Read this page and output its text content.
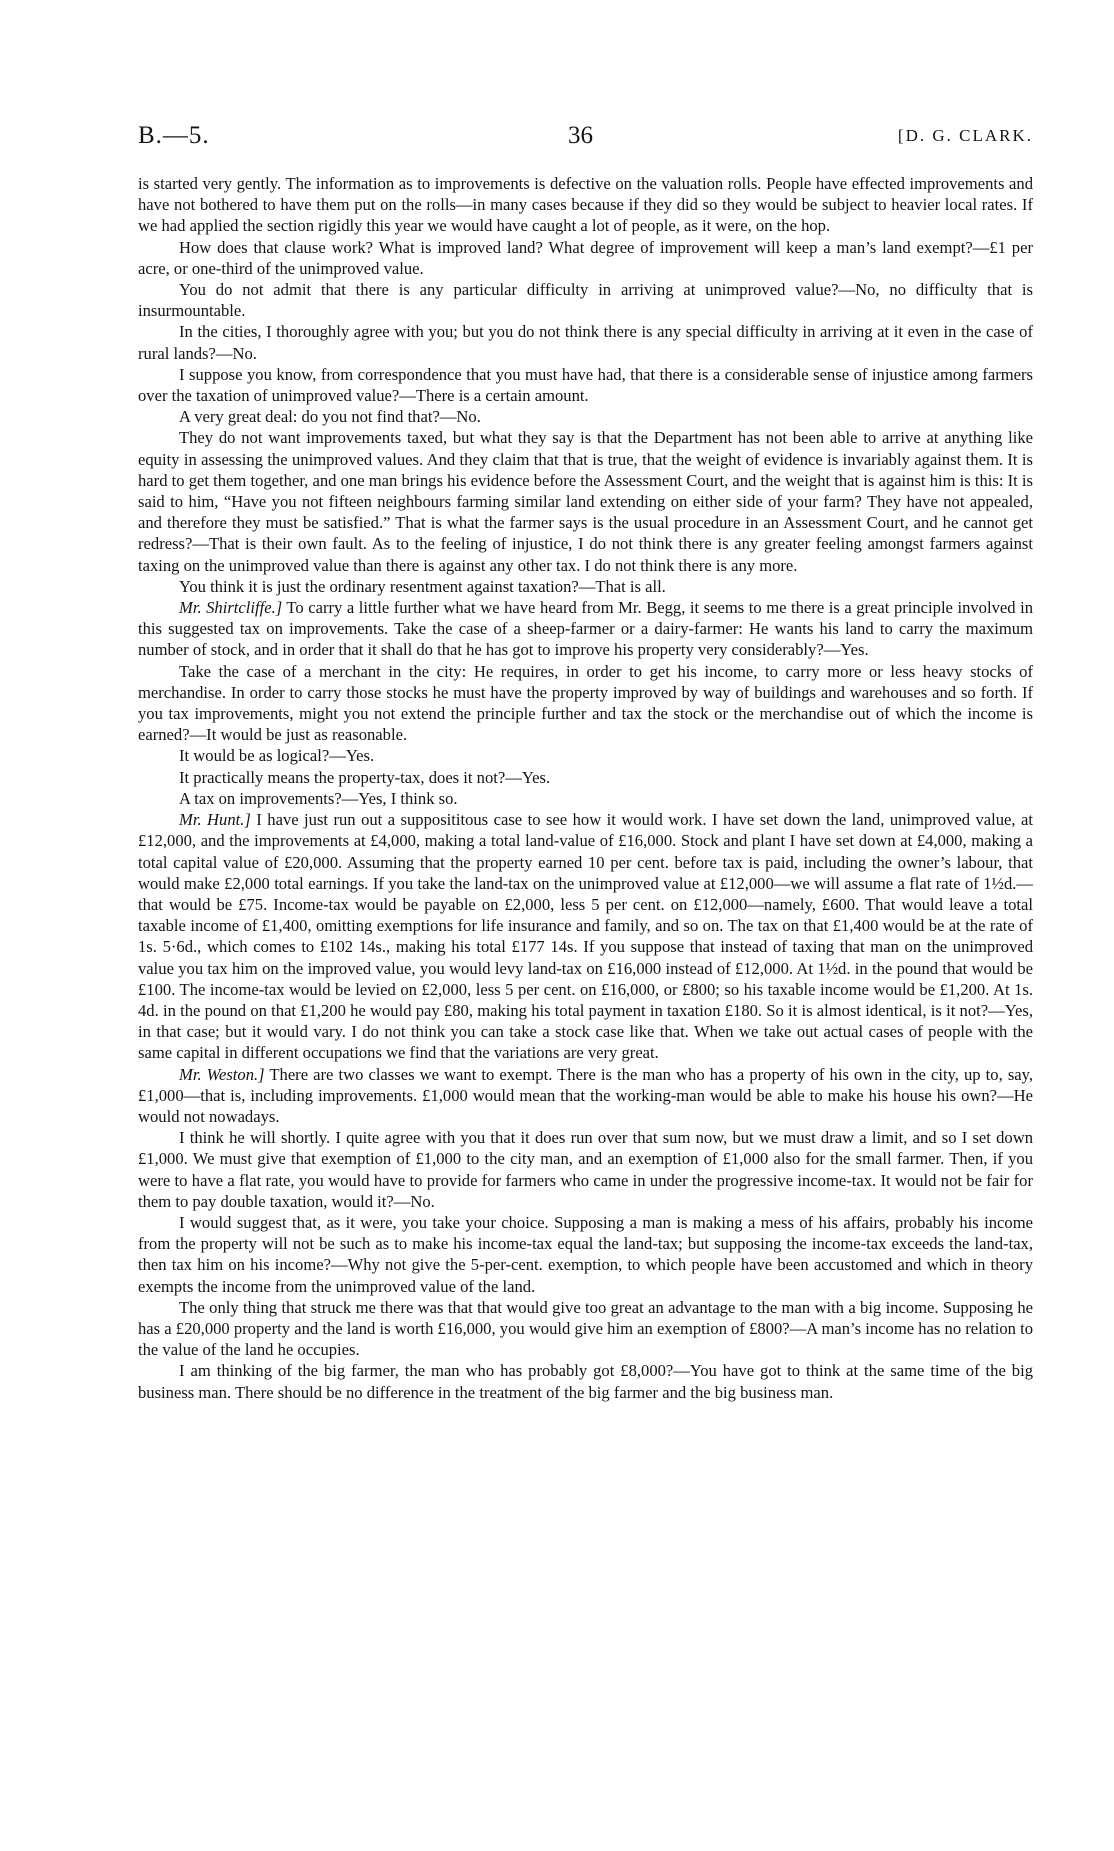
B.—5.	36	[D. G. CLARK.

is started very gently. The information as to improvements is defective on the valuation rolls. People have effected improvements and have not bothered to have them put on the rolls—in many cases because if they did so they would be subject to heavier local rates. If we had applied the section rigidly this year we would have caught a lot of people, as it were, on the hop.

How does that clause work? What is improved land? What degree of improvement will keep a man’s land exempt?—£1 per acre, or one-third of the unimproved value.

You do not admit that there is any particular difficulty in arriving at unimproved value?—No, no difficulty that is insurmountable.

In the cities, I thoroughly agree with you; but you do not think there is any special difficulty in arriving at it even in the case of rural lands?—No.

I suppose you know, from correspondence that you must have had, that there is a considerable sense of injustice among farmers over the taxation of unimproved value?—There is a certain amount.

A very great deal: do you not find that?—No.

They do not want improvements taxed, but what they say is that the Department has not been able to arrive at anything like equity in assessing the unimproved values. And they claim that that is true, that the weight of evidence is invariably against them. It is hard to get them together, and one man brings his evidence before the Assessment Court, and the weight that is against him is this: It is said to him, “Have you not fifteen neighbours farming similar land extending on either side of your farm? They have not appealed, and therefore they must be satisfied.” That is what the farmer says is the usual procedure in an Assessment Court, and he cannot get redress?—That is their own fault. As to the feeling of injustice, I do not think there is any greater feeling amongst farmers against taxing on the unimproved value than there is against any other tax. I do not think there is any more.

You think it is just the ordinary resentment against taxation?—That is all.

Mr. Shirtcliffe.] To carry a little further what we have heard from Mr. Begg, it seems to me there is a great principle involved in this suggested tax on improvements. Take the case of a sheep-farmer or a dairy-farmer: He wants his land to carry the maximum number of stock, and in order that it shall do that he has got to improve his property very considerably?—Yes.

Take the case of a merchant in the city: He requires, in order to get his income, to carry more or less heavy stocks of merchandise. In order to carry those stocks he must have the property improved by way of buildings and warehouses and so forth. If you tax improvements, might you not extend the principle further and tax the stock or the merchandise out of which the income is earned?—It would be just as reasonable.

It would be as logical?—Yes.

It practically means the property-tax, does it not?—Yes.

A tax on improvements?—Yes, I think so.

Mr. Hunt.] I have just run out a supposititous case to see how it would work. I have set down the land, unimproved value, at £12,000, and the improvements at £4,000, making a total land-value of £16,000. Stock and plant I have set down at £4,000, making a total capital value of £20,000. Assuming that the property earned 10 per cent. before tax is paid, including the owner’s labour, that would make £2,000 total earnings. If you take the land-tax on the unimproved value at £12,000—we will assume a flat rate of 1½d.—that would be £75. Income-tax would be payable on £2,000, less 5 per cent. on £12,000—namely, £600. That would leave a total taxable income of £1,400, omitting exemptions for life insurance and family, and so on. The tax on that £1,400 would be at the rate of 1s. 5·6d., which comes to £102 14s., making his total £177 14s. If you suppose that instead of taxing that man on the unimproved value you tax him on the improved value, you would levy land-tax on £16,000 instead of £12,000. At 1½d. in the pound that would be £100. The income-tax would be levied on £2,000, less 5 per cent. on £16,000, or £800; so his taxable income would be £1,200. At 1s. 4d. in the pound on that £1,200 he would pay £80, making his total payment in taxation £180. So it is almost identical, is it not?—Yes, in that case; but it would vary. I do not think you can take a stock case like that. When we take out actual cases of people with the same capital in different occupations we find that the variations are very great.

Mr. Weston.] There are two classes we want to exempt. There is the man who has a property of his own in the city, up to, say, £1,000—that is, including improvements. £1,000 would mean that the working-man would be able to make his house his own?—He would not nowadays.

I think he will shortly. I quite agree with you that it does run over that sum now, but we must draw a limit, and so I set down £1,000. We must give that exemption of £1,000 to the city man, and an exemption of £1,000 also for the small farmer. Then, if you were to have a flat rate, you would have to provide for farmers who came in under the progressive income-tax. It would not be fair for them to pay double taxation, would it?—No.

I would suggest that, as it were, you take your choice. Supposing a man is making a mess of his affairs, probably his income from the property will not be such as to make his income-tax equal the land-tax; but supposing the income-tax exceeds the land-tax, then tax him on his income?—Why not give the 5-per-cent. exemption, to which people have been accustomed and which in theory exempts the income from the unimproved value of the land.

The only thing that struck me there was that that would give too great an advantage to the man with a big income. Supposing he has a £20,000 property and the land is worth £16,000, you would give him an exemption of £800?—A man’s income has no relation to the value of the land he occupies.

I am thinking of the big farmer, the man who has probably got £8,000?—You have got to think at the same time of the big business man. There should be no difference in the treatment of the big farmer and the big business man.
